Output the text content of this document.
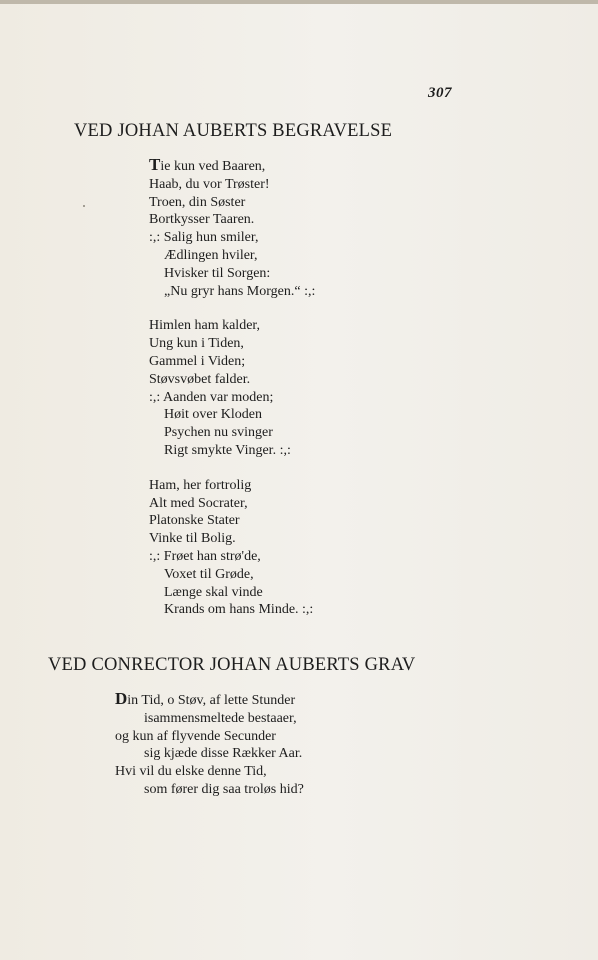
307
VED JOHAN AUBERTS BEGRAVELSE
Tie kun ved Baaren,
Haab, du vor Trøster!
Troen, din Søster
Bortkysser Taaren.
:,: Salig hun smiler,
Ædlingen hviler,
Hvisker til Sorgen:
„Nu gryr hans Morgen.“ :,:
Himlen ham kalder,
Ung kun i Tiden,
Gammel i Viden;
Støvsvøbet falder.
:,: Aanden var moden;
Høit over Kloden
Psychen nu svinger
Rigt smykte Vinger. :,:
Ham, her fortrolig
Alt med Socrater,
Platonske Stater
Vinke til Bolig.
:,: Frøet han strø'de,
Voxet til Grøde,
Længe skal vinde
Krands om hans Minde. :,:
VED CONRECTOR JOHAN AUBERTS GRAV
Din Tid, o Støv, af lette Stunder
isammensmeltede bestaaer,
og kun af flyvende Secunder
sig kjæde disse Rækker Aar.
Hvi vil du elske denne Tid,
som fører dig saa troløs hid?
